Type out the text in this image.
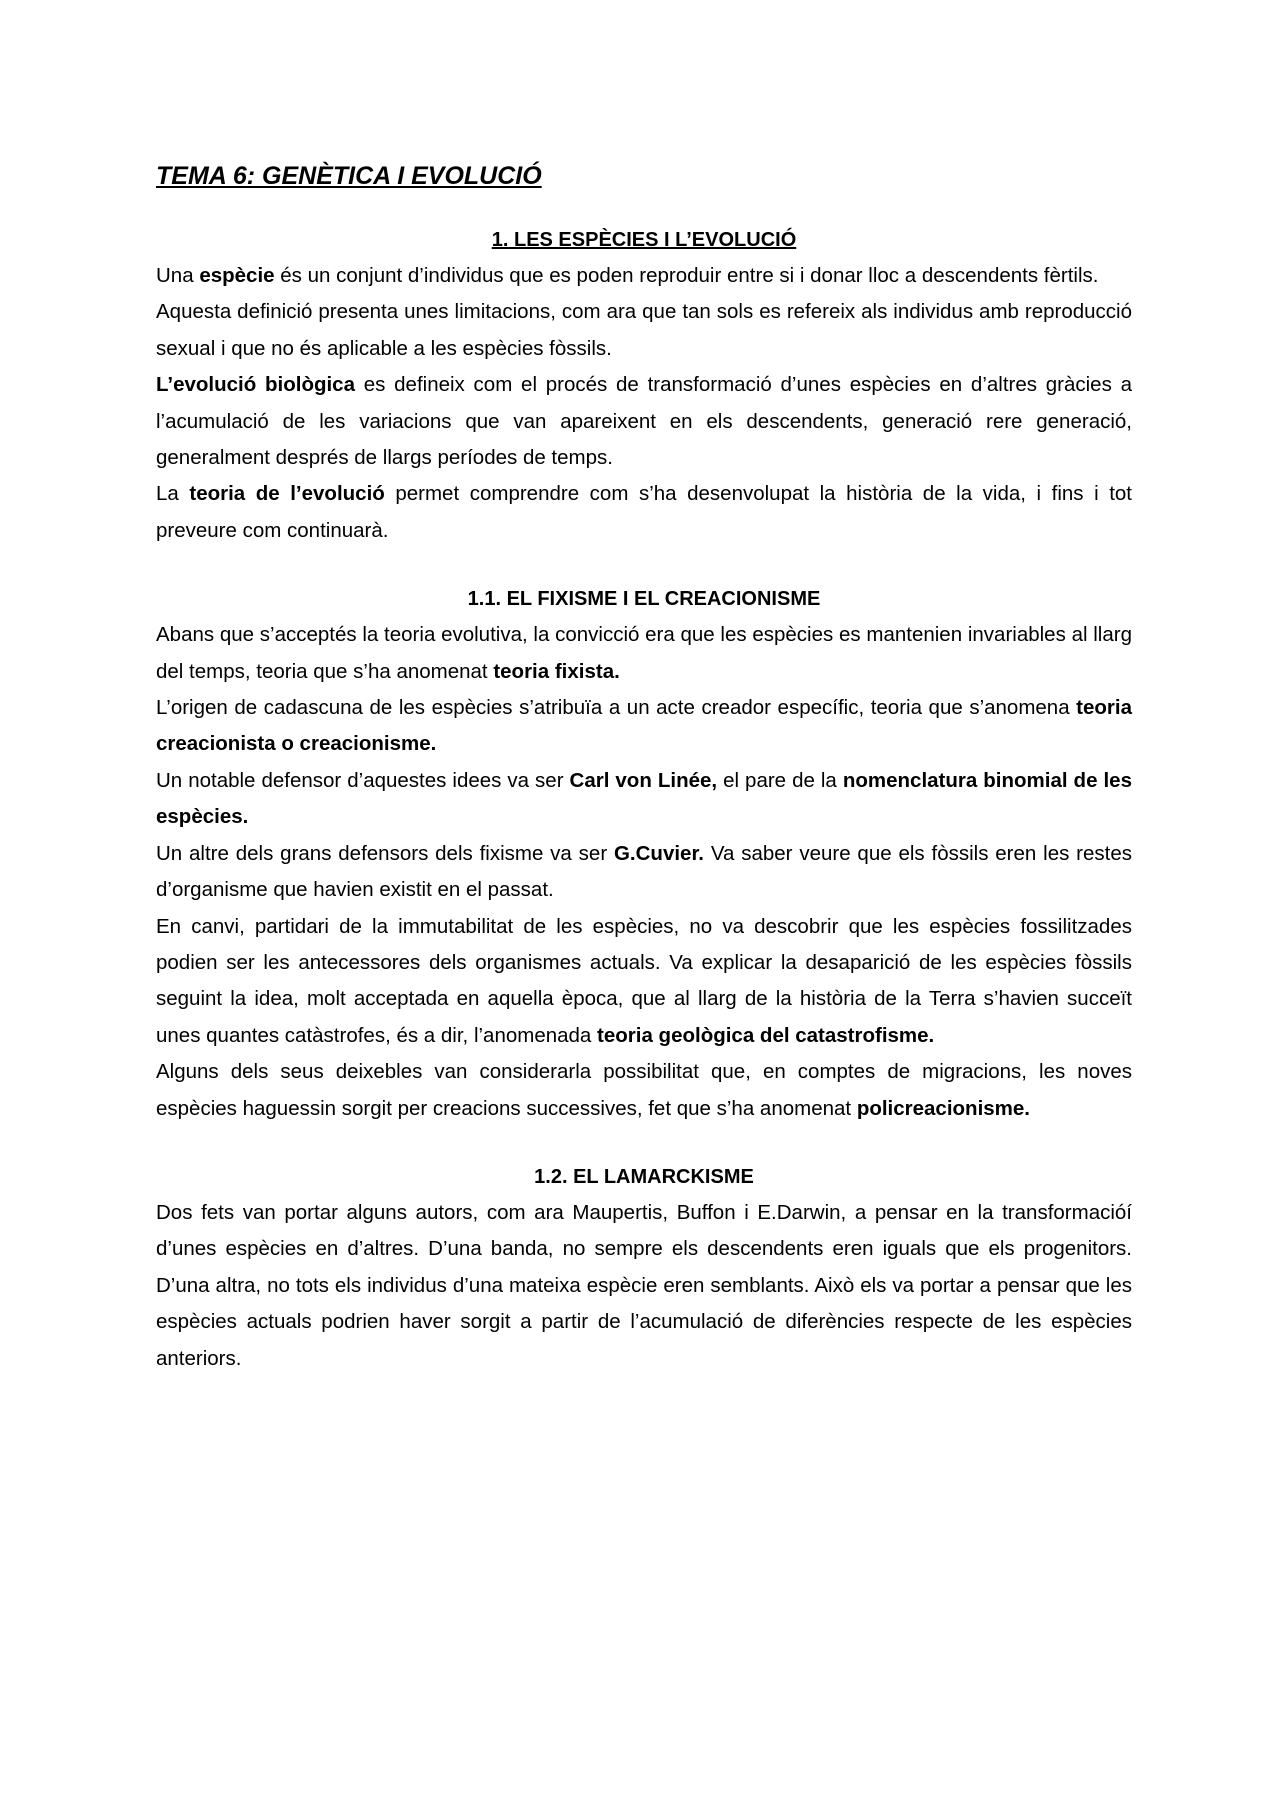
TEMA 6: GENÈTICA I EVOLUCIÓ
1. LES ESPÈCIES I L’EVOLUCIÓ

Una espècie és un conjunt d’individus que es poden reproduir entre si i donar lloc a descendents fèrtils.

Aquesta definició presenta unes limitacions, com ara que tan sols es refereix als individus amb reproducció sexual i que no és aplicable a les espècies fòssils.

L’evolució biològica es defineix com el procés de transformació d’unes espècies en d’altres gràcies a l’acumulació de les variacions que van apareixent en els descendents, generació rere generació, generalment després de llargs períodes de temps.

La teoria de l’evolució permet comprendre com s’ha desenvolupat la història de la vida, i fins i tot preveure com continuarà.

1.1. EL FIXISME I EL CREACIONISME

Abans que s’acceptés la teoria evolutiva, la convicció era que les espècies es mantenien invariables al llarg del temps, teoria que s’ha anomenat teoria fixista.

L’origen de cadascuna de les espècies s’atribuïa a un acte creador específic, teoria que s’anomena teoria creacionista o creacionisme.

Un notable defensor d’aquestes idees va ser Carl von Linée, el pare de la nomenclatura binomial de les espècies.

Un altre dels grans defensors dels fixisme va ser G.Cuvier. Va saber veure que els fòssils eren les restes d’organisme que havien existit en el passat.

En canvi, partidari de la immutabilitat de les espècies, no va descobrir que les espècies fossilitzades podien ser les antecessores dels organismes actuals. Va explicar la desaparició de les espècies fòssils seguint la idea, molt acceptada en aquella època, que al llarg de la història de la Terra s’havien succeït unes quantes catàstrofes, és a dir, l’anomenada teoria geològica del catastrofisme.

Alguns dels seus deixebles van considerarla possibilitat que, en comptes de migracions, les noves espècies haguessin sorgit per creacions successives, fet que s’ha anomenat policreacionisme.

1.2. EL LAMARCKISME

Dos fets van portar alguns autors, com ara Maupertis, Buffon i E.Darwin, a pensar en la transformacióí d’unes espècies en d’altres. D’una banda, no sempre els descendents eren iguals que els progenitors. D’una altra, no tots els individus d’una mateixa espècie eren semblants. Això els va portar a pensar que les espècies actuals podrien haver sorgit a partir de l’acumulació de diferències respecte de les espècies anteriors.
